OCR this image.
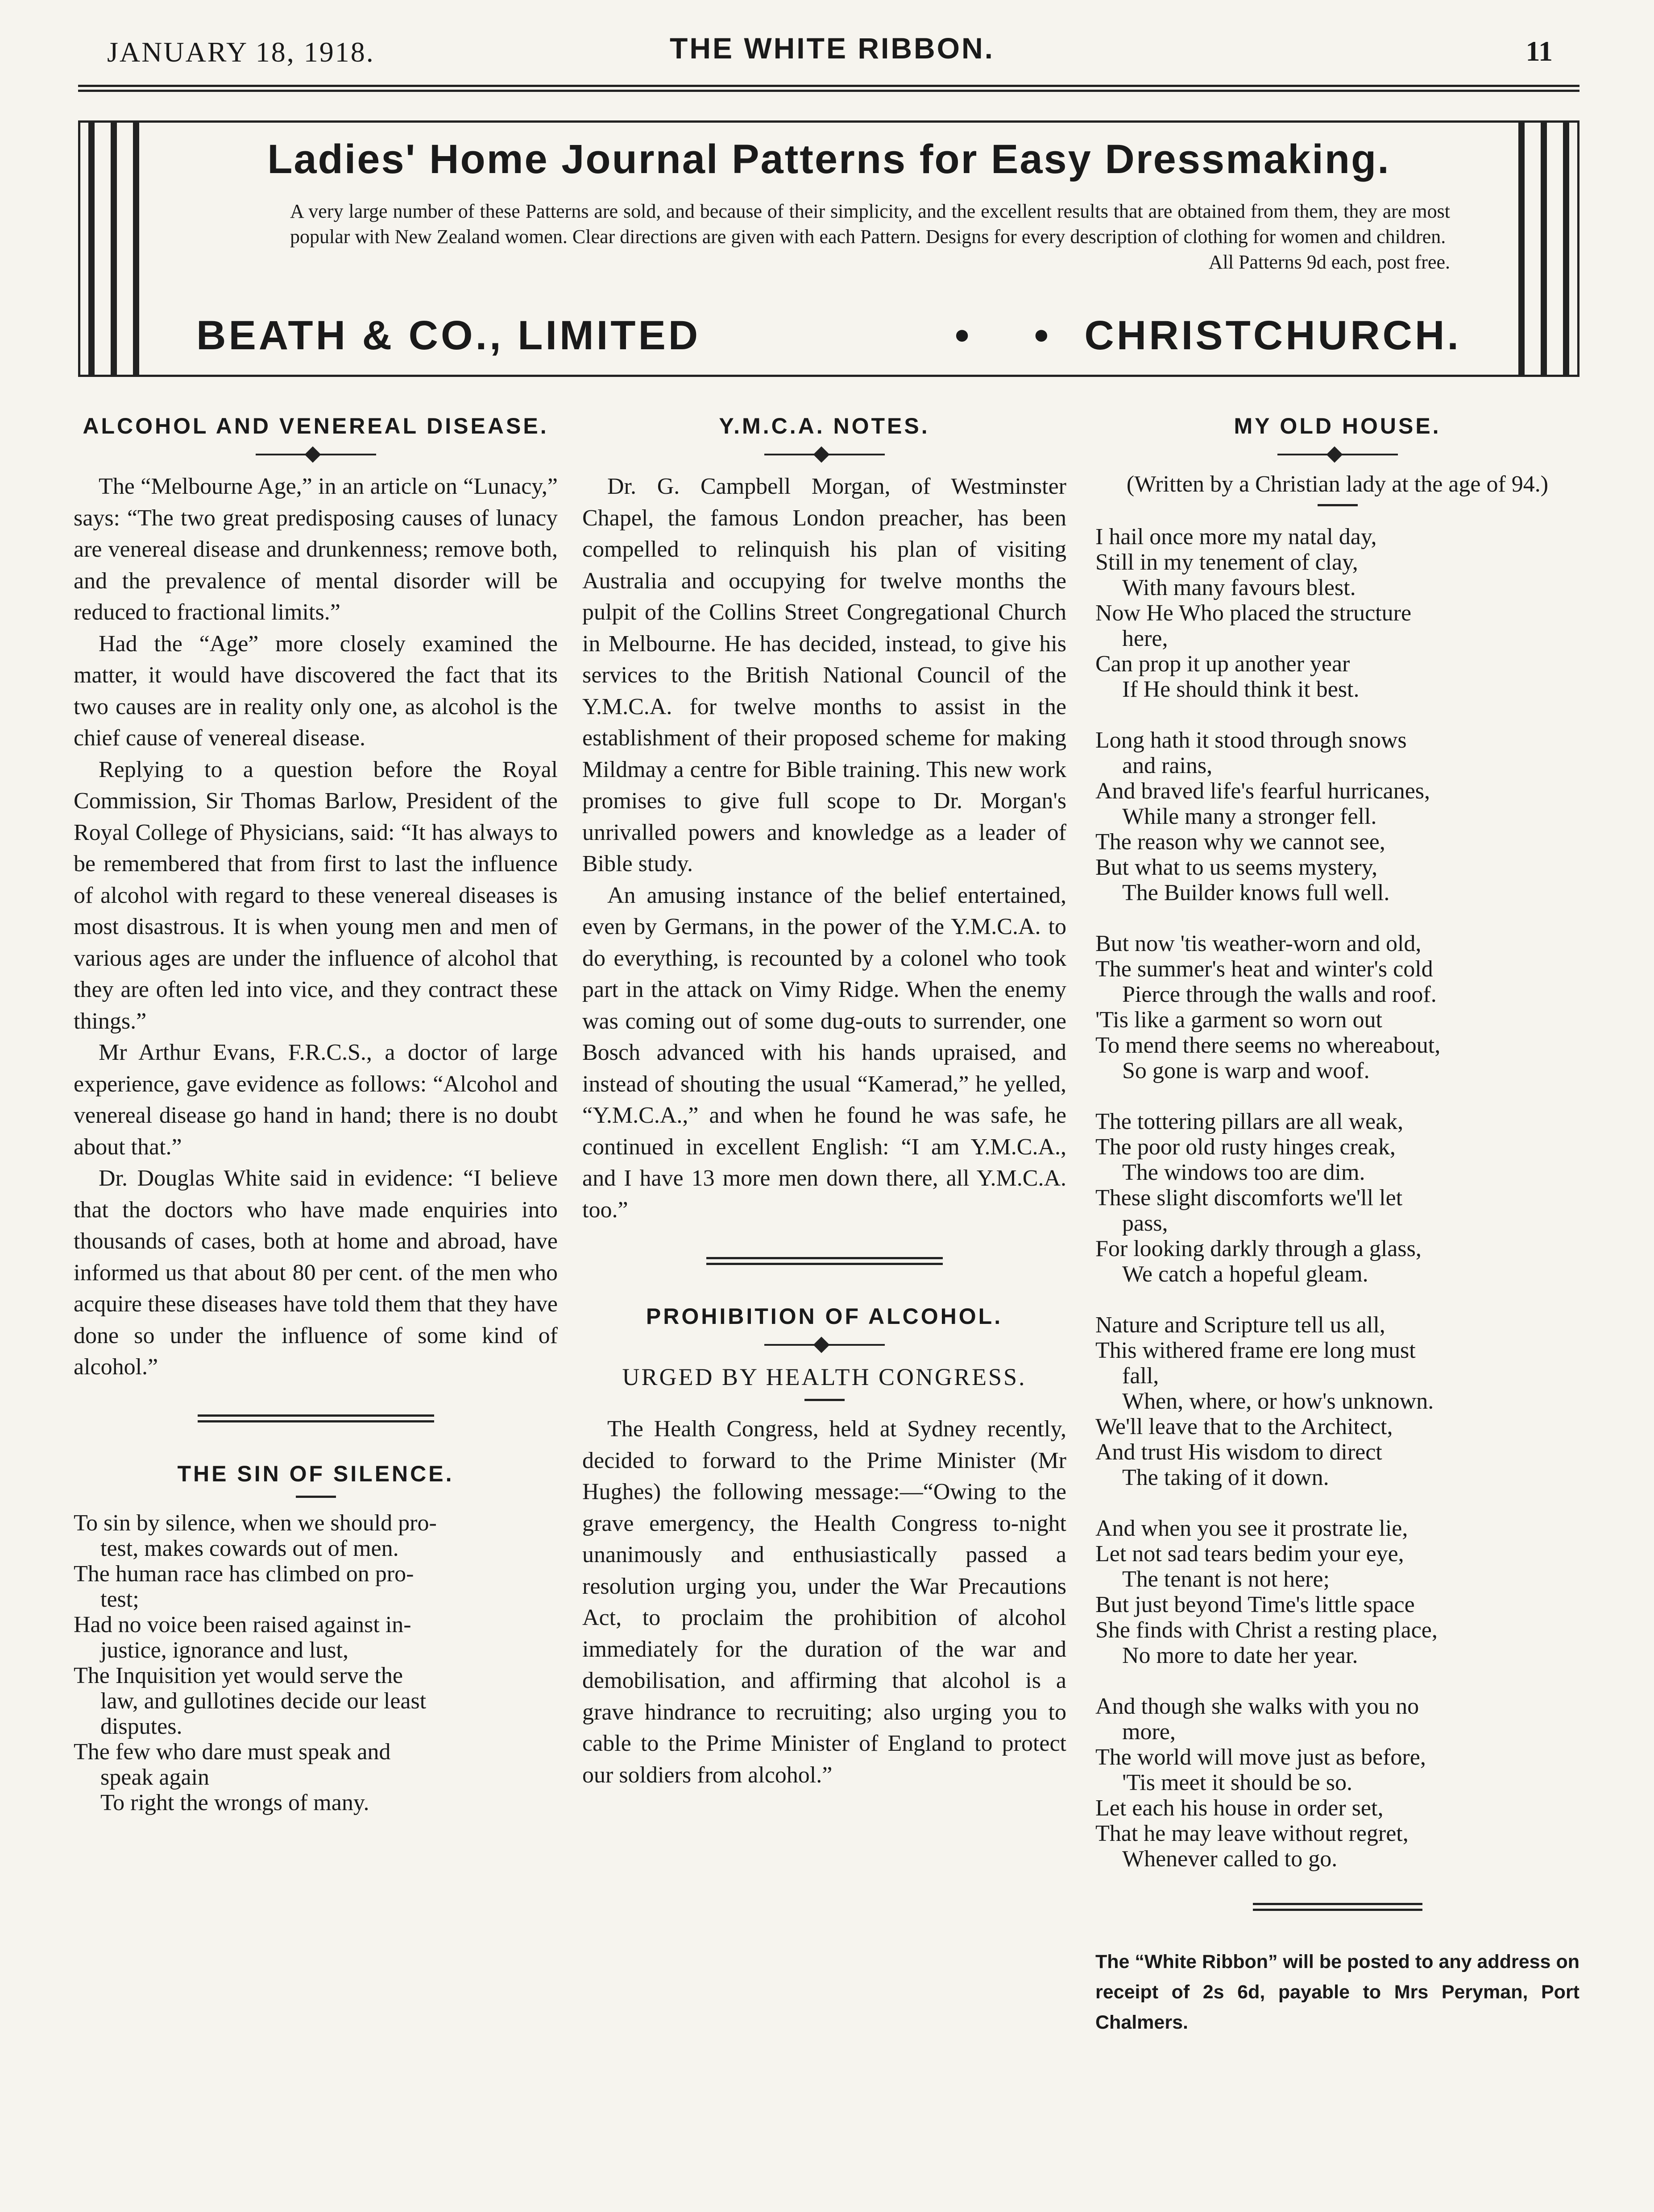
JANUARY 18, 1918.	THE WHITE RIBBON.	11
Ladies' Home Journal Patterns for Easy Dressmaking.
A very large number of these Patterns are sold, and because of their simplicity, and the excellent results that are obtained from them, they are most popular with New Zealand women. Clear directions are given with each Pattern. Designs for every description of clothing for women and children.
All Patterns 9d each, post free.
BEATH & CO., LIMITED	• • CHRISTCHURCH.
ALCOHOL AND VENEREAL DISEASE.

The “Melbourne Age,” in an article on “Lunacy,” says: “The two great predisposing causes of lunacy are venereal disease and drunkenness; remove both, and the prevalence of mental disorder will be reduced to fractional limits.”

Had the “Age” more closely examined the matter, it would have discovered the fact that its two causes are in reality only one, as alcohol is the chief cause of venereal disease.

Replying to a question before the Royal Commission, Sir Thomas Barlow, President of the Royal College of Physicians, said: “It has always to be remembered that from first to last the influence of alcohol with regard to these venereal diseases is most disastrous. It is when young men and men of various ages are under the influence of alcohol that they are often led into vice, and they contract these things.”

Mr Arthur Evans, F.R.C.S., a doctor of large experience, gave evidence as follows: “Alcohol and venereal disease go hand in hand; there is no doubt about that.”

Dr. Douglas White said in evidence: “I believe that the doctors who have made enquiries into thousands of cases, both at home and abroad, have informed us that about 80 per cent. of the men who acquire these diseases have told them that they have done so under the influence of some kind of alcohol.”

THE SIN OF SILENCE.
To sin by silence, when we should pro-
test, makes cowards out of men.
The human race has climbed on pro-
test;
Had no voice been raised against in-
justice, ignorance and lust,
The Inquisition yet would serve the
law, and gullotines decide our least
disputes.
The few who dare must speak and
speak again
To right the wrongs of many.
Y.M.C.A. NOTES.

Dr. G. Campbell Morgan, of Westminster Chapel, the famous London preacher, has been compelled to relinquish his plan of visiting Australia and occupying for twelve months the pulpit of the Collins Street Congregational Church in Melbourne. He has decided, instead, to give his services to the British National Council of the Y.M.C.A. for twelve months to assist in the establishment of their proposed scheme for making Mildmay a centre for Bible training. This new work promises to give full scope to Dr. Morgan's unrivalled powers and knowledge as a leader of Bible study.

An amusing instance of the belief entertained, even by Germans, in the power of the Y.M.C.A. to do everything, is recounted by a colonel who took part in the attack on Vimy Ridge. When the enemy was coming out of some dug-outs to surrender, one Bosch advanced with his hands upraised, and instead of shouting the usual “Kamerad,” he yelled, “Y.M.C.A.,” and when he found he was safe, he continued in excellent English: “I am Y.M.C.A., and I have 13 more men down there, all Y.M.C.A. too.”

PROHIBITION OF ALCOHOL.
URGED BY HEALTH CONGRESS.

The Health Congress, held at Sydney recently, decided to forward to the Prime Minister (Mr Hughes) the following message:—“Owing to the grave emergency, the Health Congress to-night unanimously and enthusiastically passed a resolution urging you, under the War Precautions Act, to proclaim the prohibition of alcohol immediately for the duration of the war and demobilisation, and affirming that alcohol is a grave hindrance to recruiting; also urging you to cable to the Prime Minister of England to protect our soldiers from alcohol.”

MY OLD HOUSE.
(Written by a Christian lady at the age of 94.)
I hail once more my natal day,
Still in my tenement of clay,
With many favours blest.
Now He Who placed the structure
here,
Can prop it up another year
If He should think it best.
Long hath it stood through snows
and rains,
And braved life's fearful hurricanes,
While many a stronger fell.
The reason why we cannot see,
But what to us seems mystery,
The Builder knows full well.
But now 'tis weather-worn and old,
The summer's heat and winter's cold
Pierce through the walls and roof.
'Tis like a garment so worn out
To mend there seems no whereabout,
So gone is warp and woof.
The tottering pillars are all weak,
The poor old rusty hinges creak,
The windows too are dim.
These slight discomforts we'll let
pass,
For looking darkly through a glass,
We catch a hopeful gleam.
Nature and Scripture tell us all,
This withered frame ere long must
fall,
When, where, or how's unknown.
We'll leave that to the Architect,
And trust His wisdom to direct
The taking of it down.
And when you see it prostrate lie,
Let not sad tears bedim your eye,
The tenant is not here;
But just beyond Time's little space
She finds with Christ a resting place,
No more to date her year.
And though she walks with you no
more,
The world will move just as before,
'Tis meet it should be so.
Let each his house in order set,
That he may leave without regret,
Whenever called to go.
The “White Ribbon” will be posted to any address on receipt of 2s 6d, payable to Mrs Peryman, Port Chalmers.
